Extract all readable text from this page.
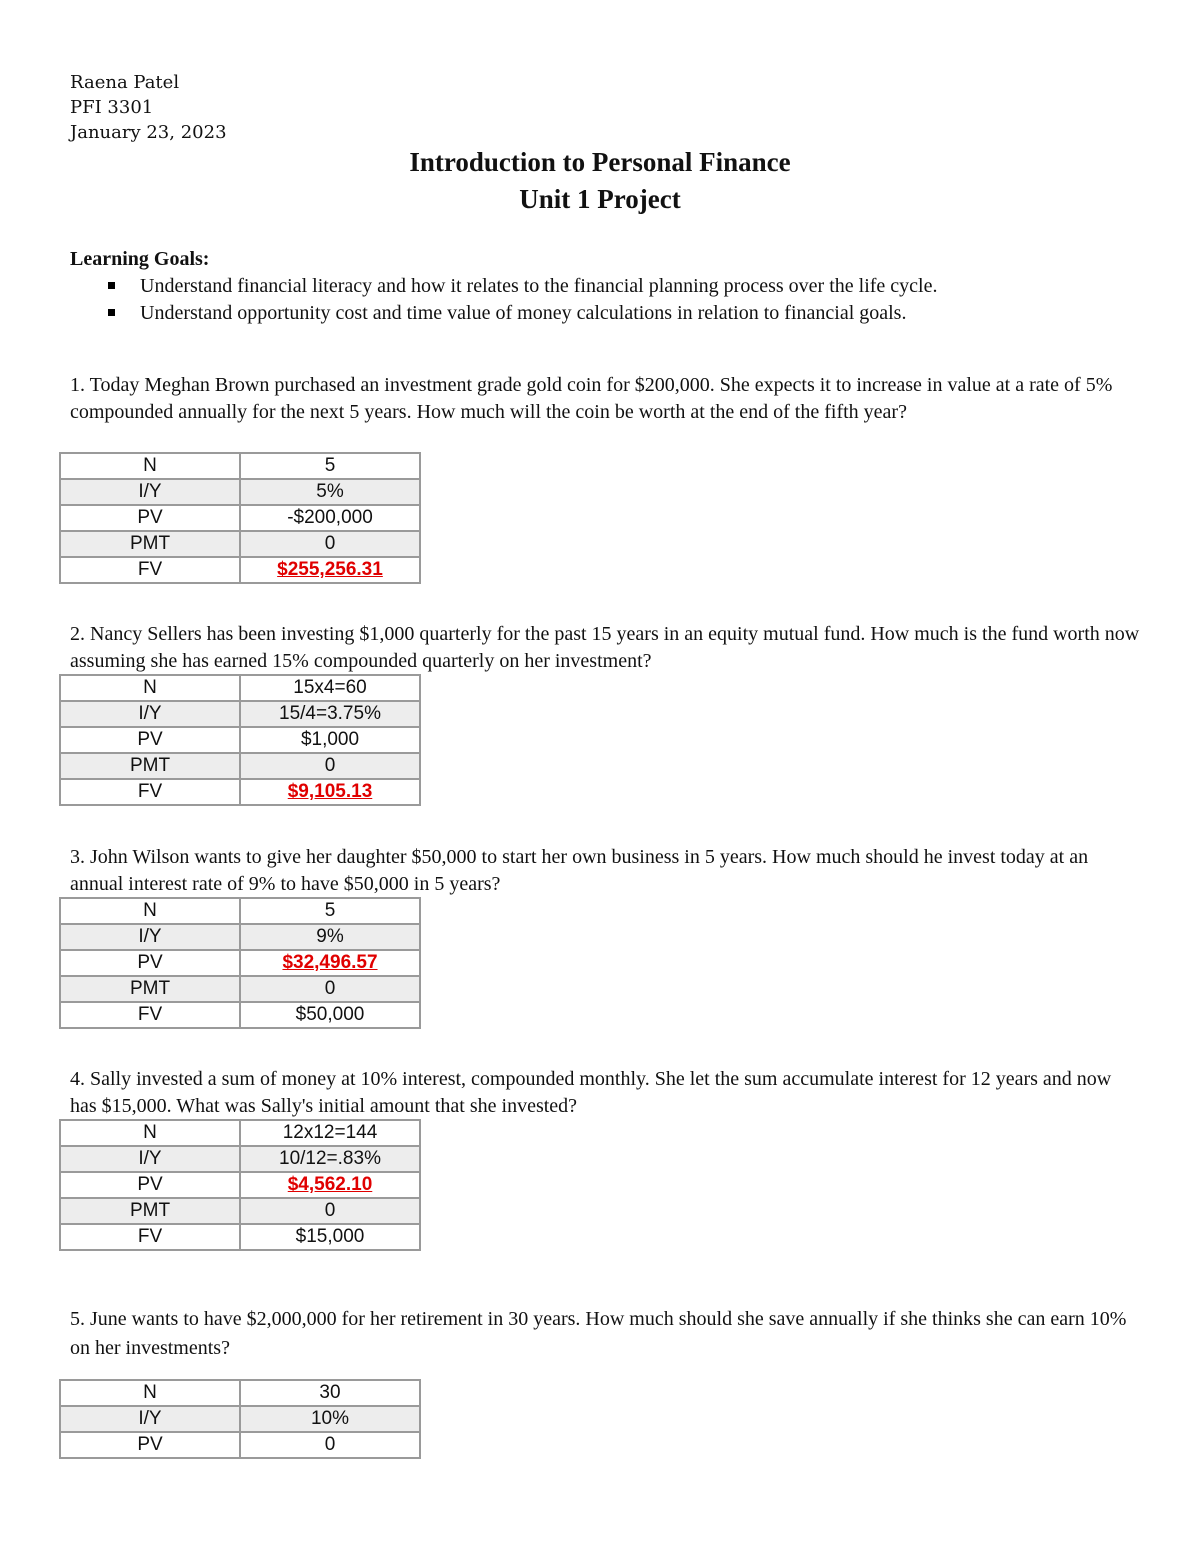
Raena Patel
PFI 3301
January 23, 2023
Introduction to Personal Finance
Unit 1 Project
Learning Goals:
Understand financial literacy and how it relates to the financial planning process over the life cycle.
Understand opportunity cost and time value of money calculations in relation to financial goals.
1. Today Meghan Brown purchased an investment grade gold coin for $200,000. She expects it to increase in value at a rate of 5% compounded annually for the next 5 years. How much will the coin be worth at the end of the fifth year?
N	5
I/Y	5%
PV	-$200,000
PMT	0
FV	$255,256.31
2. Nancy Sellers has been investing $1,000 quarterly for the past 15 years in an equity mutual fund. How much is the fund worth now assuming she has earned 15% compounded quarterly on her investment?
N	15x4=60
I/Y	15/4=3.75%
PV	$1,000
PMT	0
FV	$9,105.13
3. John Wilson wants to give her daughter $50,000 to start her own business in 5 years. How much should he invest today at an annual interest rate of 9% to have $50,000 in 5 years?
N	5
I/Y	9%
PV	$32,496.57
PMT	0
FV	$50,000
4. Sally invested a sum of money at 10% interest, compounded monthly. She let the sum accumulate interest for 12 years and now has $15,000. What was Sally's initial amount that she invested?
N	12x12=144
I/Y	10/12=.83%
PV	$4,562.10
PMT	0
FV	$15,000
5. June wants to have $2,000,000 for her retirement in 30 years. How much should she save annually if she thinks she can earn 10% on her investments?
N	30
I/Y	10%
PV	0
